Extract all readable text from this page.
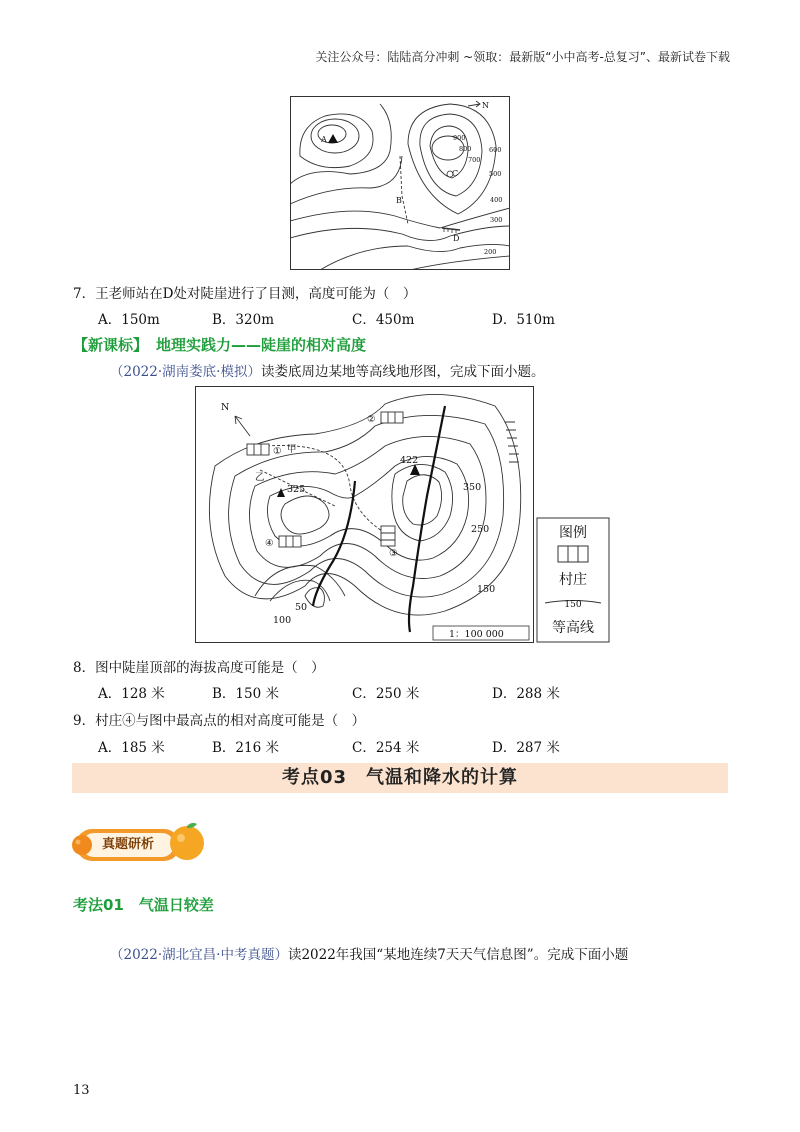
关注公众号：陆陆高分冲刺 ~领取：最新版“小中高考-总复习”、最新试卷下载
A
B
C
D
N
900
800
700
600
500
400
300
200
7．王老师站在D处对陡崖进行了目测，高度可能为（　）
A．150m	B．320m	C．450m	D．510m
【新课标】 地理实践力——陡崖的相对高度
（2022·湖南娄底·模拟）读娄底周边某地等高线地形图，完成下面小题。
N
422
325	350
250
150
100
50
①
②
③
④
甲
乙
1：100 000
图例
村庄
等高线
150
8．图中陡崖顶部的海拔高度可能是（　）
A．128 米	B．150 米	C．250 米	D．288 米
9．村庄④与图中最高点的相对高度可能是（　）
A．185 米	B．216 米	C．254 米	D．287 米
考点03　气温和降水的计算
真题研析
考法01　气温日较差
（2022·湖北宜昌·中考真题）读2022年我国“某地连续7天天气信息图”。完成下面小题
13
